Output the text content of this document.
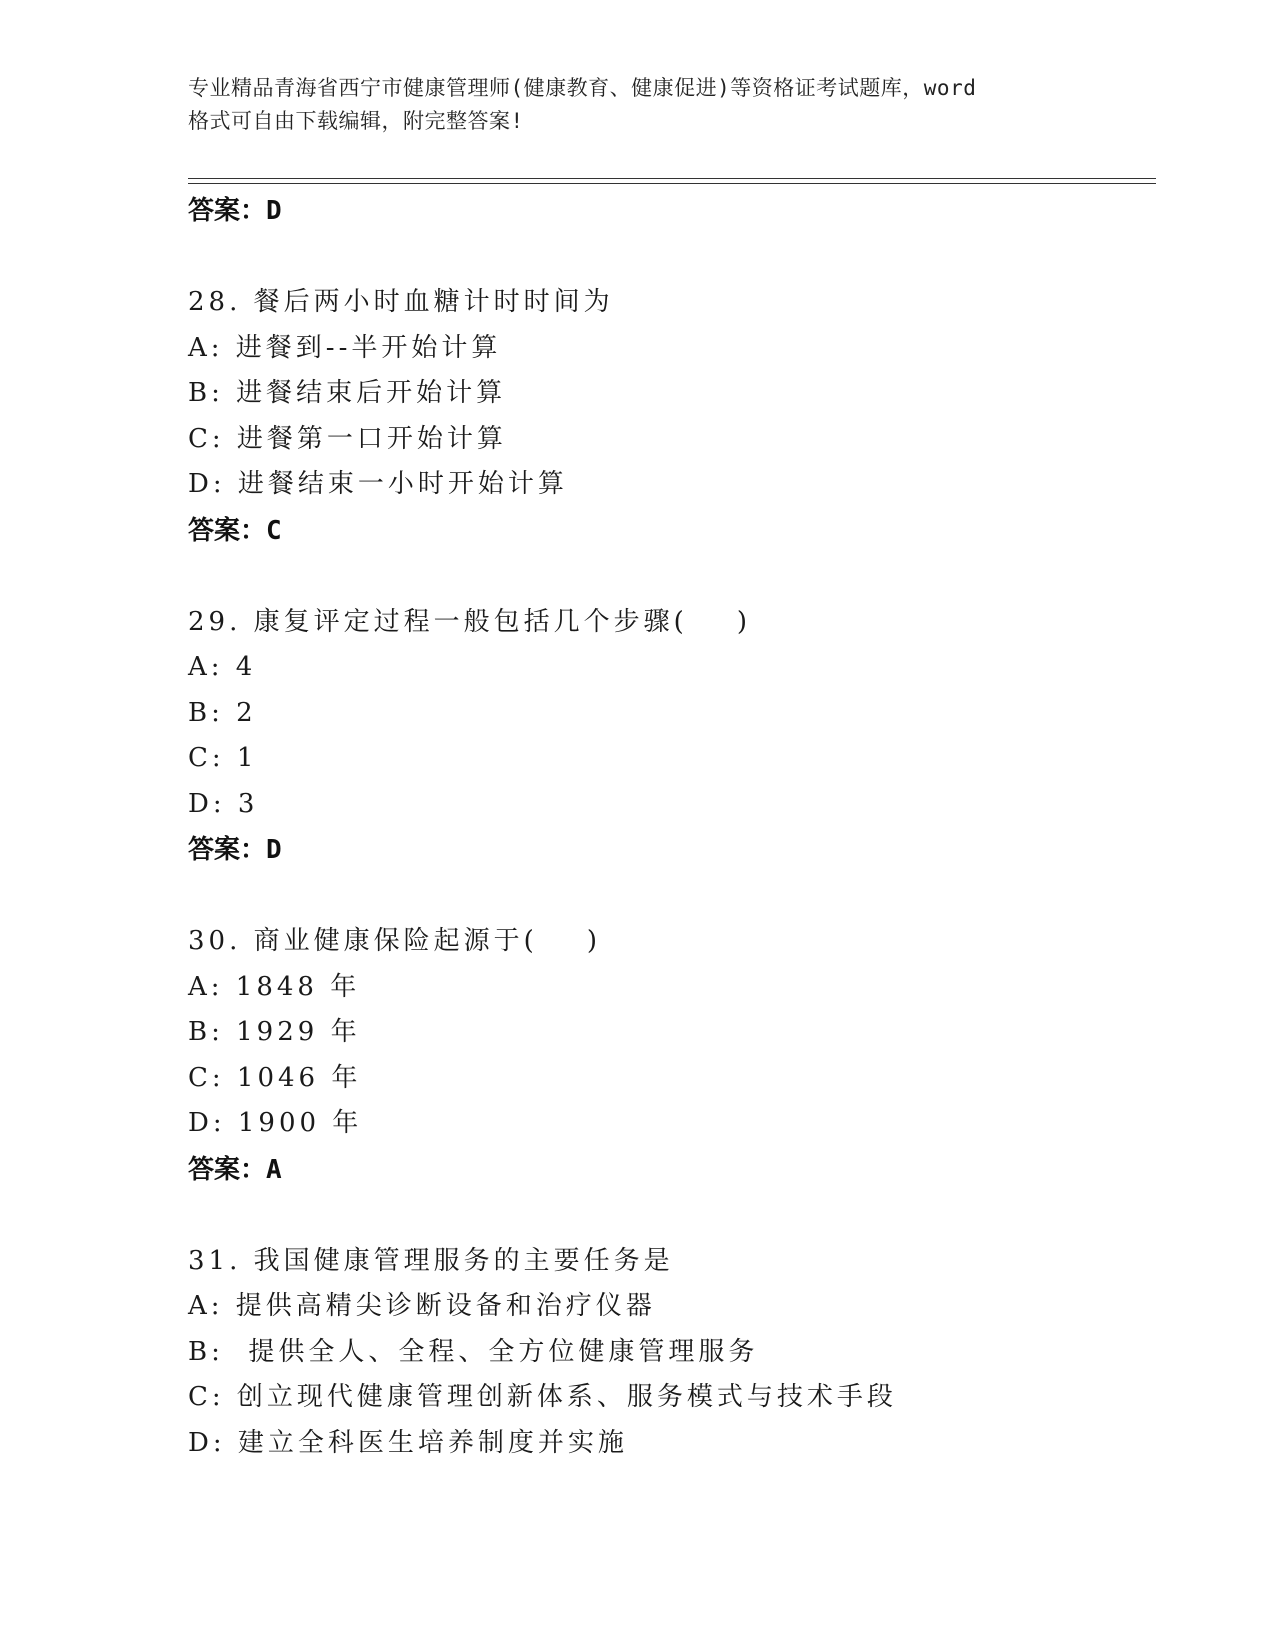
专业精品青海省西宁市健康管理师(健康教育、健康促进)等资格证考试题库，word
格式可自由下载编辑，附完整答案!
答案：D
28. 餐后两小时血糖计时时间为
A: 进餐到--半开始计算
B: 进餐结束后开始计算
C: 进餐第一口开始计算
D: 进餐结束一小时开始计算
答案：C
29. 康复评定过程一般包括几个步骤(    )
A: 4
B: 2
C: 1
D: 3
答案：D
30. 商业健康保险起源于(    )
A: 1848 年
B: 1929 年
C: 1046 年
D: 1900 年
答案：A
31. 我国健康管理服务的主要任务是
A: 提供高精尖诊断设备和治疗仪器
B:  提供全人、全程、全方位健康管理服务
C: 创立现代健康管理创新体系、服务模式与技术手段
D: 建立全科医生培养制度并实施
